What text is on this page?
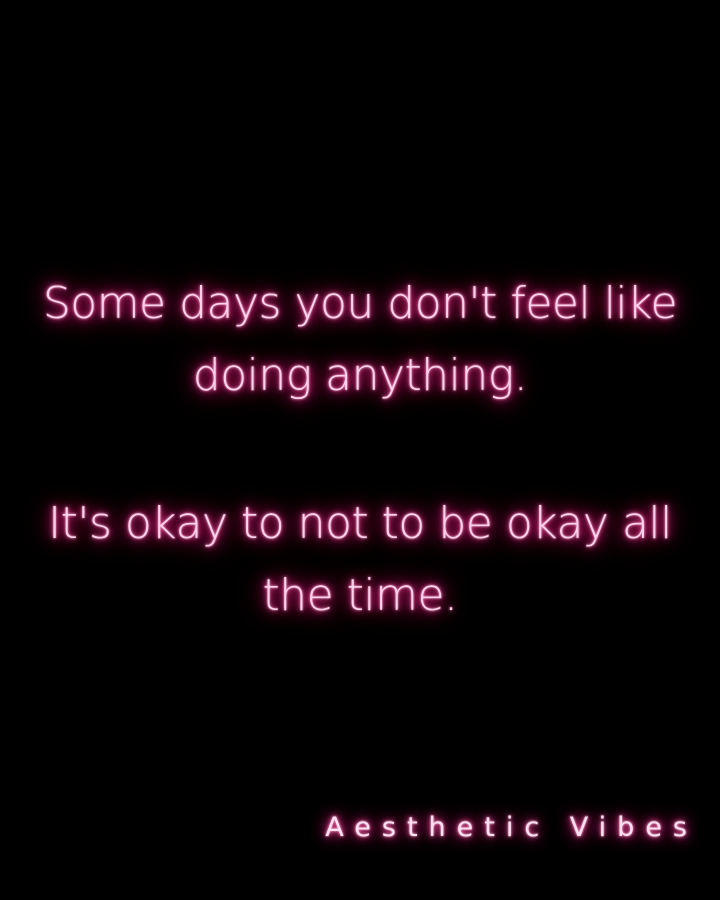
Some days you don't feel like
doing anything.
It's okay to not to be okay all
the time.
Aesthetic Vibes
